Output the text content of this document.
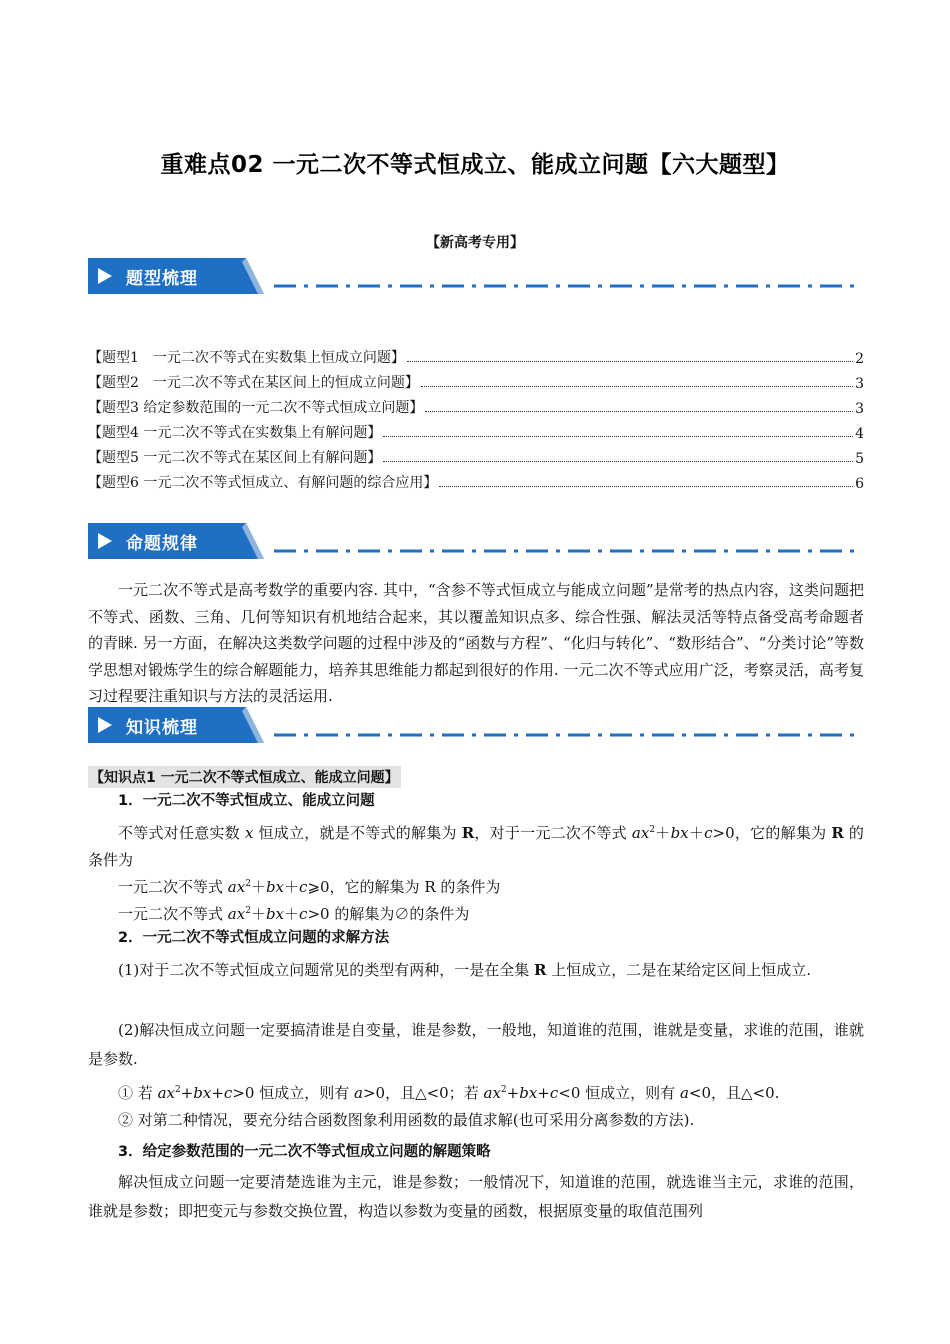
重难点02 一元二次不等式恒成立、能成立问题【六大题型】
【新高考专用】
题型梳理
【题型1　一元二次不等式在实数集上恒成立问题】	2
【题型2　一元二次不等式在某区间上的恒成立问题】	3
【题型3 给定参数范围的一元二次不等式恒成立问题】	3
【题型4 一元二次不等式在实数集上有解问题】	4
【题型5 一元二次不等式在某区间上有解问题】	5
【题型6 一元二次不等式恒成立、有解问题的综合应用】	6
命题规律
一元二次不等式是高考数学的重要内容. 其中，“含参不等式恒成立与能成立问题”是常考的热点内容，这类问题把不等式、函数、三角、几何等知识有机地结合起来，其以覆盖知识点多、综合性强、解法灵活等特点备受高考命题者的青睐. 另一方面，在解决这类数学问题的过程中涉及的“函数与方程”、“化归与转化”、“数形结合”、“分类讨论”等数学思想对锻炼学生的综合解题能力，培养其思维能力都起到很好的作用. 一元二次不等式应用广泛，考察灵活，高考复习过程要注重知识与方法的灵活运用.
知识梳理
【知识点1 一元二次不等式恒成立、能成立问题】
1．一元二次不等式恒成立、能成立问题
不等式对任意实数 x 恒成立，就是不等式的解集为 R，对于一元二次不等式 $ax^2+bx+c>0$，它的解集为 R 的条件为
一元二次不等式 $ax^2+bx+c⩾0$，它的解集为 R 的条件为
一元二次不等式 $ax^2+bx+c>0$ 的解集为∅的条件为
2．一元二次不等式恒成立问题的求解方法
(1)对于二次不等式恒成立问题常见的类型有两种，一是在全集 R 上恒成立，二是在某给定区间上恒成立.
(2)解决恒成立问题一定要搞清谁是自变量，谁是参数，一般地，知道谁的范围，谁就是变量，求谁的范围，谁就是参数.
① 若 $ax^2+bx+c>0$ 恒成立，则有 a>0，且△<0；若 $ax^2+bx+c<0$ 恒成立，则有 a<0，且△<0.
② 对第二种情况，要充分结合函数图象利用函数的最值求解(也可采用分离参数的方法).
3．给定参数范围的一元二次不等式恒成立问题的解题策略
解决恒成立问题一定要清楚选谁为主元，谁是参数；一般情况下，知道谁的范围，就选谁当主元，求谁的范围，谁就是参数；即把变元与参数交换位置，构造以参数为变量的函数，根据原变量的取值范围列
